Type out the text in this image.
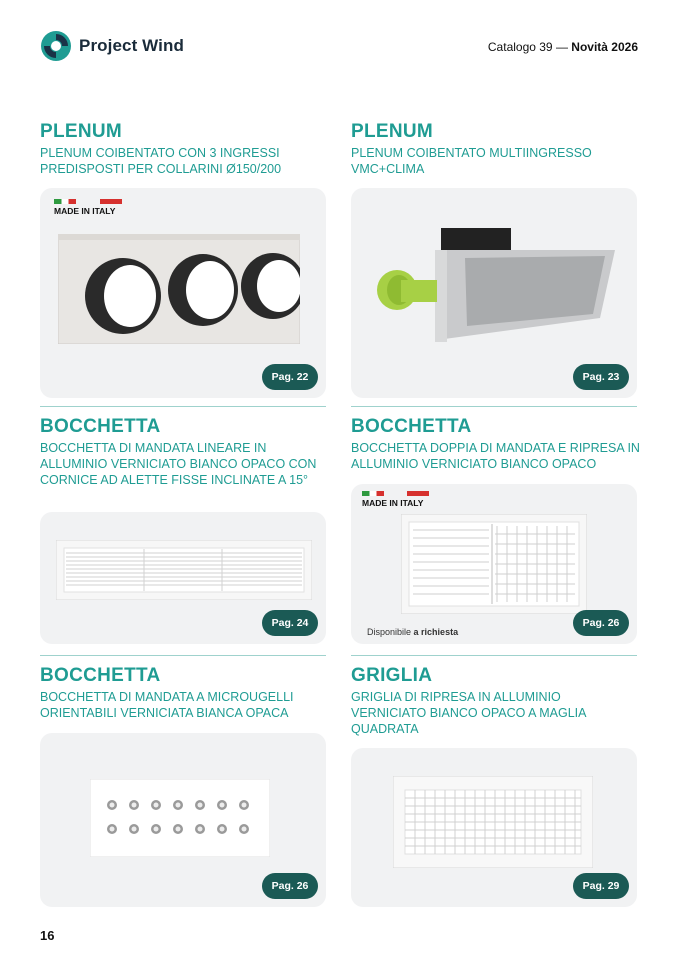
Project Wind	Catalogo 39 — Novità 2026
PLENUM
PLENUM COIBENTATO CON 3 INGRESSI PREDISPOSTI PER COLLARINI Ø150/200
MADE IN ITALY
Pag. 22
PLENUM
PLENUM COIBENTATO MULTIINGRESSO VMC+CLIMA
Pag. 23
BOCCHETTA
BOCCHETTA DI MANDATA LINEARE IN ALLUMINIO VERNICIATO BIANCO OPACO CON CORNICE AD ALETTE FISSE INCLINATE A 15°
Pag. 24
BOCCHETTA
BOCCHETTA DOPPIA DI MANDATA E RIPRESA IN ALLUMINIO VERNICIATO BIANCO OPACO
MADE IN ITALY
Disponibile a richiesta
Pag. 26
BOCCHETTA
BOCCHETTA DI MANDATA A MICROUGELLI ORIENTABILI VERNICIATA BIANCA OPACA
Pag. 26
GRIGLIA
GRIGLIA DI RIPRESA IN ALLUMINIO VERNICIATO BIANCO OPACO A MAGLIA QUADRATA
Pag. 29
16
